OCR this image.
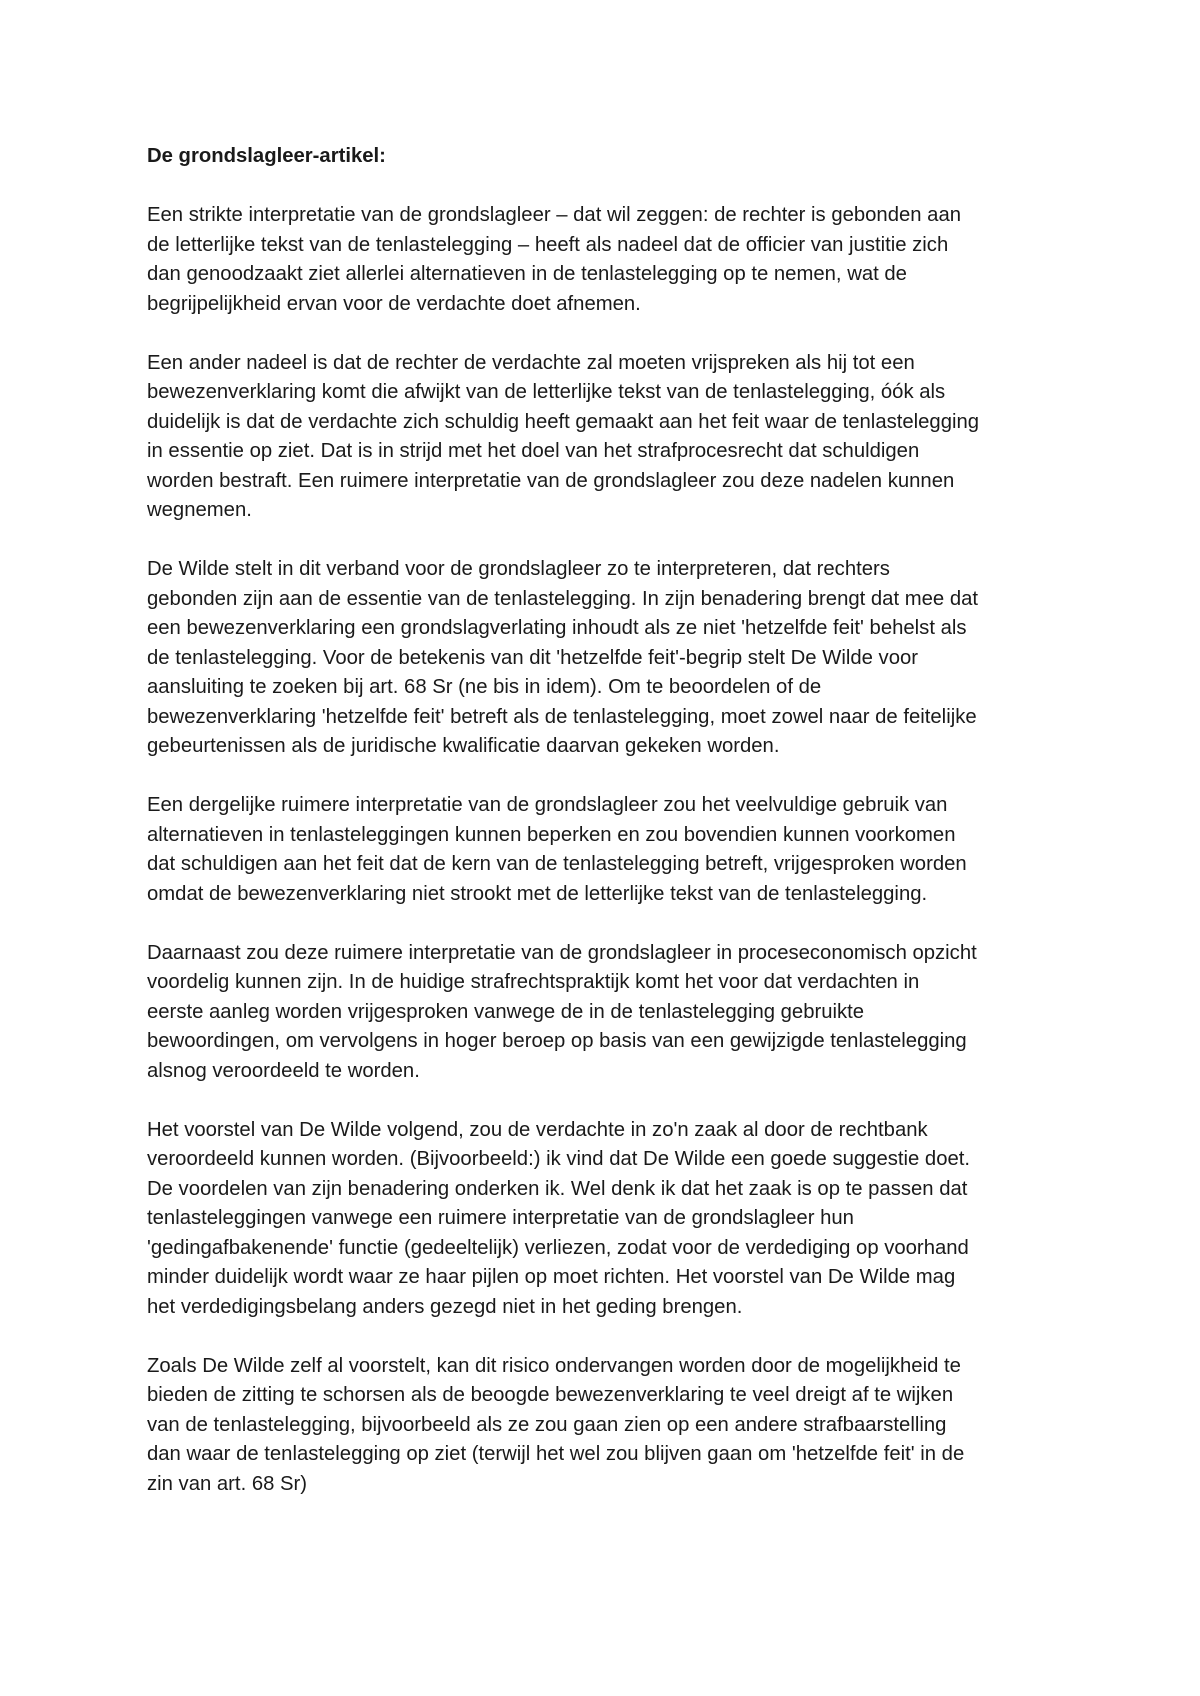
De grondslagleer-artikel:
Een strikte interpretatie van de grondslagleer – dat wil zeggen: de rechter is gebonden aan
de letterlijke tekst van de tenlastelegging – heeft als nadeel dat de officier van justitie zich
dan genoodzaakt ziet allerlei alternatieven in de tenlastelegging op te nemen, wat de
begrijpelijkheid ervan voor de verdachte doet afnemen.
Een ander nadeel is dat de rechter de verdachte zal moeten vrijspreken als hij tot een
bewezenverklaring komt die afwijkt van de letterlijke tekst van de tenlastelegging, óók als
duidelijk is dat de verdachte zich schuldig heeft gemaakt aan het feit waar de tenlastelegging
in essentie op ziet. Dat is in strijd met het doel van het strafprocesrecht dat schuldigen
worden bestraft. Een ruimere interpretatie van de grondslagleer zou deze nadelen kunnen
wegnemen.
De Wilde stelt in dit verband voor de grondslagleer zo te interpreteren, dat rechters
gebonden zijn aan de essentie van de tenlastelegging. In zijn benadering brengt dat mee dat
een bewezenverklaring een grondslagverlating inhoudt als ze niet 'hetzelfde feit' behelst als
de tenlastelegging. Voor de betekenis van dit 'hetzelfde feit'-begrip stelt De Wilde voor
aansluiting te zoeken bij art. 68 Sr (ne bis in idem). Om te beoordelen of de
bewezenverklaring 'hetzelfde feit' betreft als de tenlastelegging, moet zowel naar de feitelijke
gebeurtenissen als de juridische kwalificatie daarvan gekeken worden.
Een dergelijke ruimere interpretatie van de grondslagleer zou het veelvuldige gebruik van
alternatieven in tenlasteleggingen kunnen beperken en zou bovendien kunnen voorkomen
dat schuldigen aan het feit dat de kern van de tenlastelegging betreft, vrijgesproken worden
omdat de bewezenverklaring niet strookt met de letterlijke tekst van de tenlastelegging.
Daarnaast zou deze ruimere interpretatie van de grondslagleer in proceseconomisch opzicht
voordelig kunnen zijn. In de huidige strafrechtspraktijk komt het voor dat verdachten in
eerste aanleg worden vrijgesproken vanwege de in de tenlastelegging gebruikte
bewoordingen, om vervolgens in hoger beroep op basis van een gewijzigde tenlastelegging
alsnog veroordeeld te worden.
Het voorstel van De Wilde volgend, zou de verdachte in zo'n zaak al door de rechtbank
veroordeeld kunnen worden. (Bijvoorbeeld:) ik vind dat De Wilde een goede suggestie doet.
De voordelen van zijn benadering onderken ik. Wel denk ik dat het zaak is op te passen dat
tenlasteleggingen vanwege een ruimere interpretatie van de grondslagleer hun
'gedingafbakenende' functie (gedeeltelijk) verliezen, zodat voor de verdediging op voorhand
minder duidelijk wordt waar ze haar pijlen op moet richten. Het voorstel van De Wilde mag
het verdedigingsbelang anders gezegd niet in het geding brengen.
Zoals De Wilde zelf al voorstelt, kan dit risico ondervangen worden door de mogelijkheid te
bieden de zitting te schorsen als de beoogde bewezenverklaring te veel dreigt af te wijken
van de tenlastelegging, bijvoorbeeld als ze zou gaan zien op een andere strafbaarstelling
dan waar de tenlastelegging op ziet (terwijl het wel zou blijven gaan om 'hetzelfde feit' in de
zin van art. 68 Sr)
